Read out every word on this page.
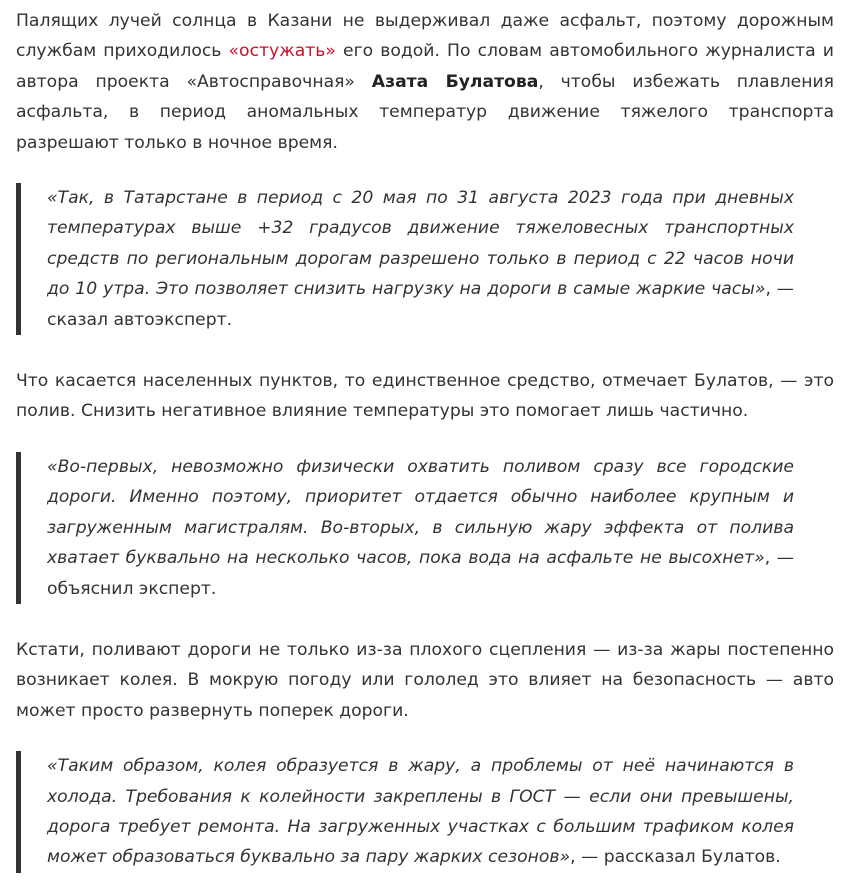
Палящих лучей солнца в Казани не выдерживал даже асфальт, поэтому дорожным службам приходилось «остужать» его водой. По словам автомобильного журналиста и автора проекта «Автосправочная» Азата Булатова, чтобы избежать плавления асфальта, в период аномальных температур движение тяжелого транспорта разрешают только в ночное время.

«Так, в Татарстане в период с 20 мая по 31 августа 2023 года при дневных температурах выше +32 градусов движение тяжеловесных транспортных средств по региональным дорогам разрешено только в период с 22 часов ночи до 10 утра. Это позволяет снизить нагрузку на дороги в самые жаркие часы», — сказал автоэксперт.

Что касается населенных пунктов, то единственное средство, отмечает Булатов, — это полив. Снизить негативное влияние температуры это помогает лишь частично.

«Во-первых, невозможно физически охватить поливом сразу все городские дороги. Именно поэтому, приоритет отдается обычно наиболее крупным и загруженным магистралям. Во-вторых, в сильную жару эффекта от полива хватает буквально на несколько часов, пока вода на асфальте не высохнет», — объяснил эксперт.

Кстати, поливают дороги не только из-за плохого сцепления — из-за жары постепенно возникает колея. В мокрую погоду или гололед это влияет на безопасность — авто может просто развернуть поперек дороги.

«Таким образом, колея образуется в жару, а проблемы от неё начинаются в холода. Требования к колейности закреплены в ГОСТ — если они превышены, дорога требует ремонта. На загруженных участках с большим трафиком колея может образоваться буквально за пару жарких сезонов», — рассказал Булатов.
